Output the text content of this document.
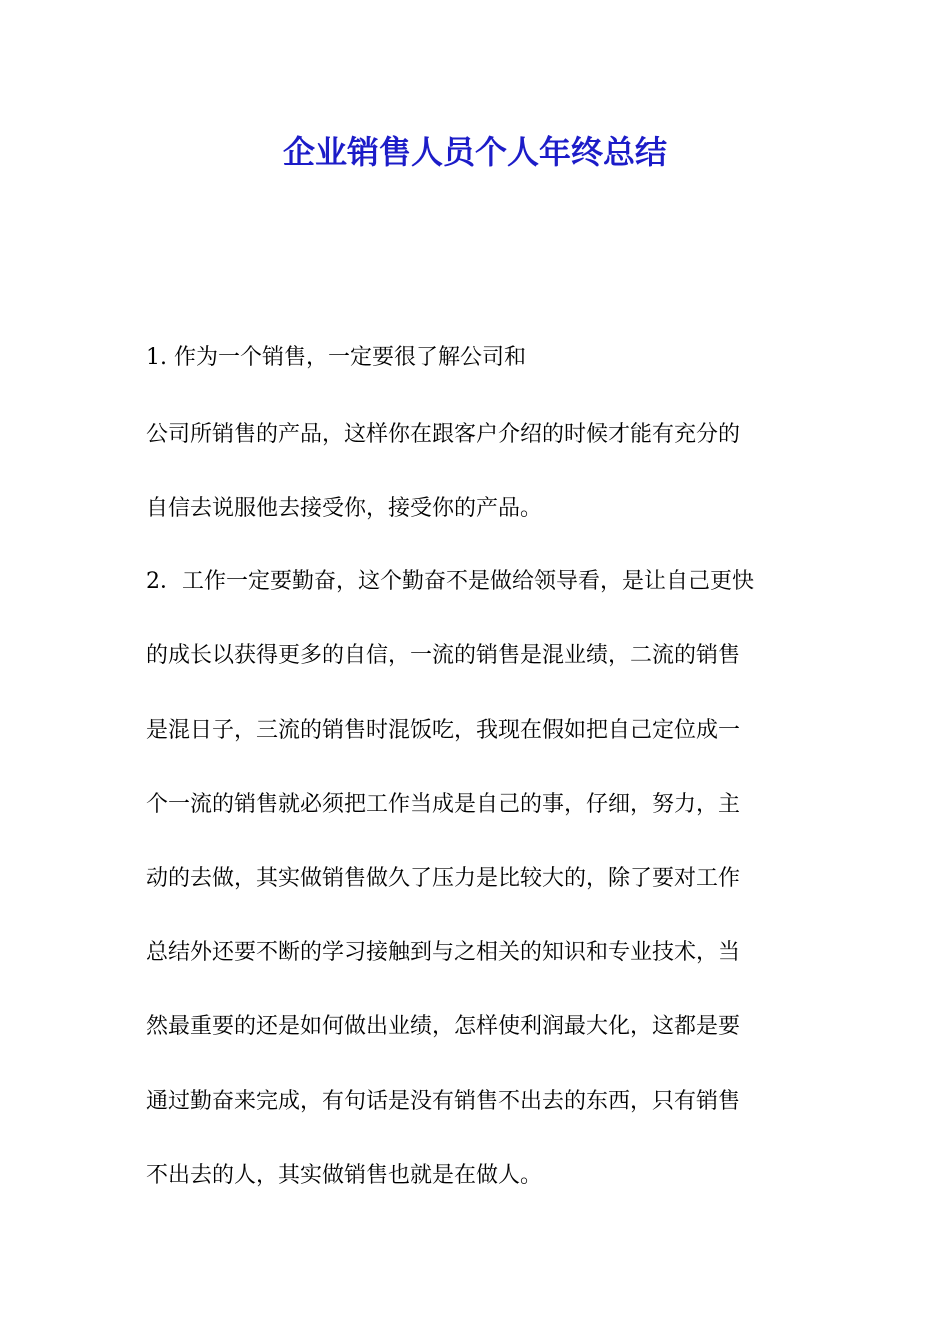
企业销售人员个人年终总结

1. 作为一个销售，一定要很了解公司和

公司所销售的产品，这样你在跟客户介绍的时候才能有充分的

自信去说服他去接受你，接受你的产品。

2．工作一定要勤奋，这个勤奋不是做给领导看，是让自己更快

的成长以获得更多的自信，一流的销售是混业绩，二流的销售

是混日子，三流的销售时混饭吃，我现在假如把自己定位成一

个一流的销售就必须把工作当成是自己的事，仔细，努力，主

动的去做，其实做销售做久了压力是比较大的，除了要对工作

总结外还要不断的学习接触到与之相关的知识和专业技术，当

然最重要的还是如何做出业绩，怎样使利润最大化，这都是要

通过勤奋来完成，有句话是没有销售不出去的东西，只有销售

不出去的人，其实做销售也就是在做人。
